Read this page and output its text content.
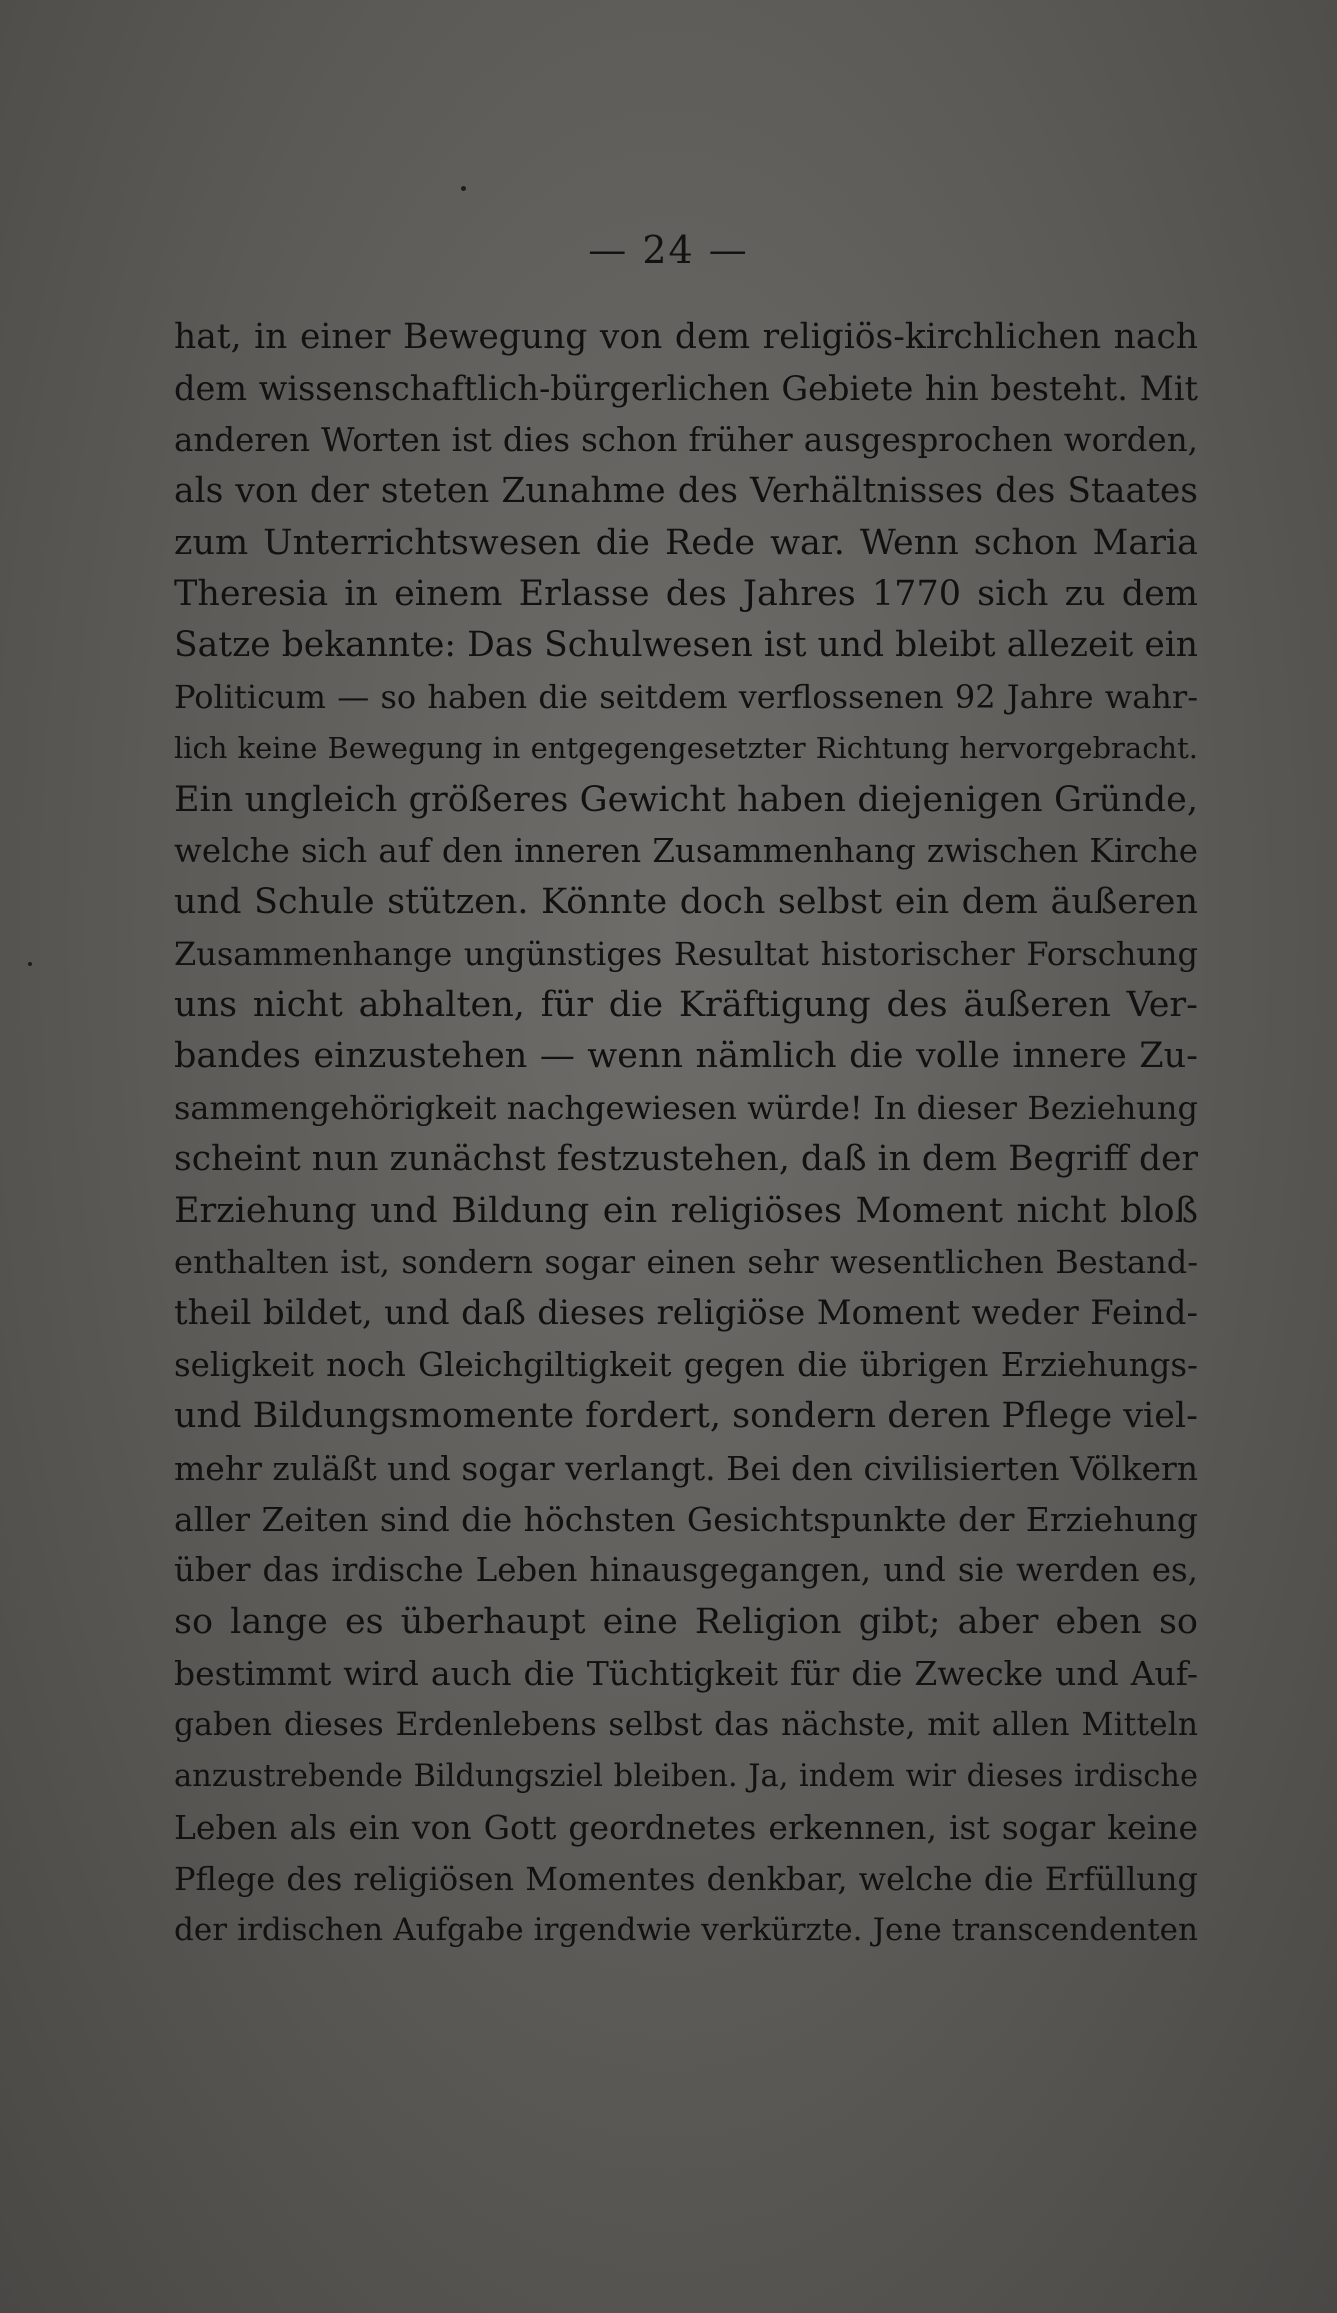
— 24 —
hat, in einer Bewegung von dem religiös-kirchlichen nach
dem wissenschaftlich-bürgerlichen Gebiete hin besteht. Mit
anderen Worten ist dies schon früher ausgesprochen worden,
als von der steten Zunahme des Verhältnisses des Staates
zum Unterrichtswesen die Rede war. Wenn schon Maria
Theresia in einem Erlasse des Jahres 1770 sich zu dem
Satze bekannte: Das Schulwesen ist und bleibt allezeit ein
Politicum — so haben die seitdem verflossenen 92 Jahre wahr-
lich keine Bewegung in entgegengesetzter Richtung hervorgebracht.
Ein ungleich größeres Gewicht haben diejenigen Gründe,
welche sich auf den inneren Zusammenhang zwischen Kirche
und Schule stützen. Könnte doch selbst ein dem äußeren
Zusammenhange ungünstiges Resultat historischer Forschung
uns nicht abhalten, für die Kräftigung des äußeren Ver-
bandes einzustehen — wenn nämlich die volle innere Zu-
sammengehörigkeit nachgewiesen würde! In dieser Beziehung
scheint nun zunächst festzustehen, daß in dem Begriff der
Erziehung und Bildung ein religiöses Moment nicht bloß
enthalten ist, sondern sogar einen sehr wesentlichen Bestand-
theil bildet, und daß dieses religiöse Moment weder Feind-
seligkeit noch Gleichgiltigkeit gegen die übrigen Erziehungs-
und Bildungsmomente fordert, sondern deren Pflege viel-
mehr zuläßt und sogar verlangt. Bei den civilisierten Völkern
aller Zeiten sind die höchsten Gesichtspunkte der Erziehung
über das irdische Leben hinausgegangen, und sie werden es,
so lange es überhaupt eine Religion gibt; aber eben so
bestimmt wird auch die Tüchtigkeit für die Zwecke und Auf-
gaben dieses Erdenlebens selbst das nächste, mit allen Mitteln
anzustrebende Bildungsziel bleiben. Ja, indem wir dieses irdische
Leben als ein von Gott geordnetes erkennen, ist sogar keine
Pflege des religiösen Momentes denkbar, welche die Erfüllung
der irdischen Aufgabe irgendwie verkürzte. Jene transcendenten
